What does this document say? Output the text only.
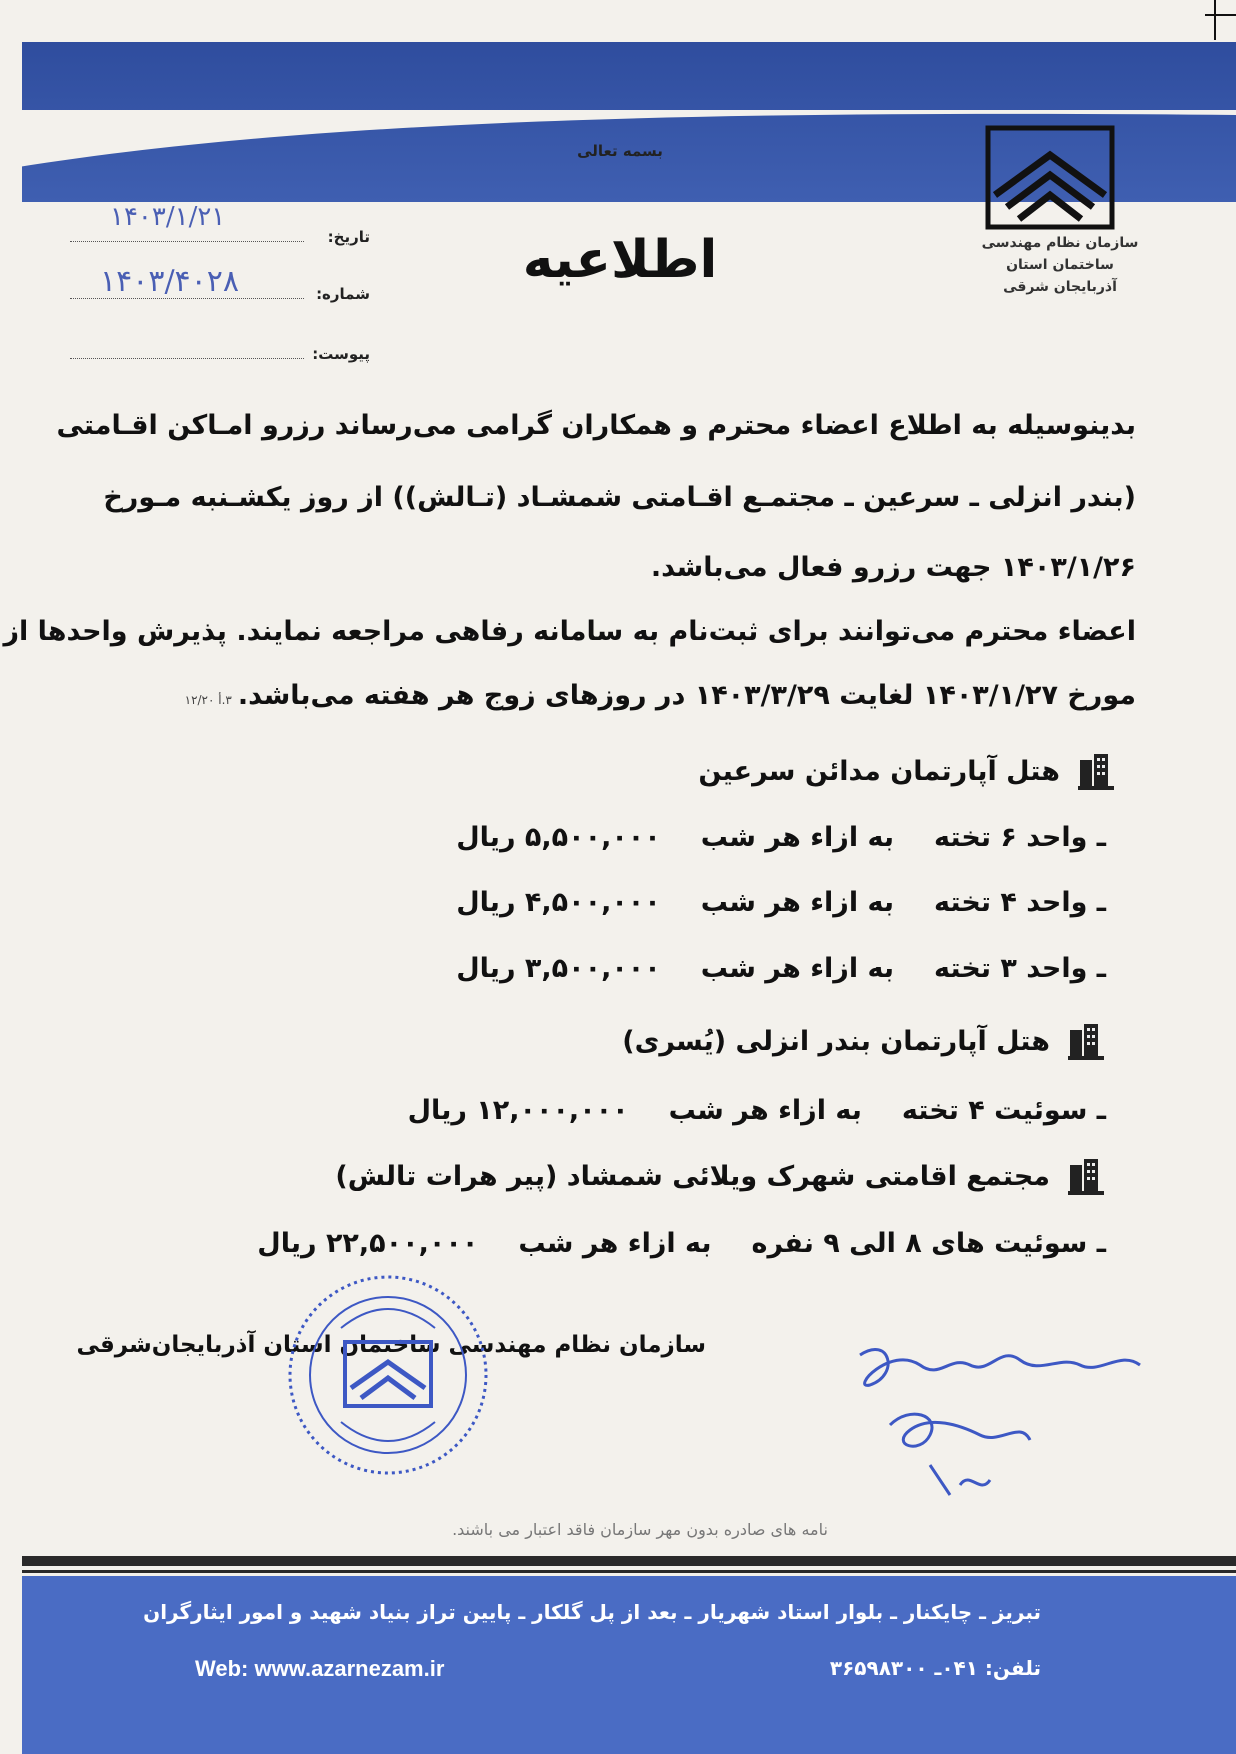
بسمه تعالی
سازمان نظام مهندسی ساختمان استان
آذربایجان شرقی
تاریخ:
۱۴۰۳/۱/۲۱
شماره:
۱۴۰۳/۴۰۲۸
پیوست:
اطلاعیه
بدینوسیله به اطلاع اعضاء محترم و همکاران گرامی می‌رساند رزرو امـاکن اقـامتی
(بندر انزلی ـ سرعین ـ مجتمـع اقـامتی شمشـاد (تـالش)) از روز یکشـنبه مـورخ
۱۴۰۳/۱/۲۶ جهت رزرو فعال می‌باشد.
اعضاء محترم می‌توانند برای ثبت‌نام به سامانه رفاهی مراجعه نمایند. پذیرش واحدها از
مورخ ۱۴۰۳/۱/۲۷ لغایت ۱۴۰۳/۳/۲۹ در روزهای زوج هر هفته می‌باشد.۳.أ ۱۲/۲۰
هتل آپارتمان مدائن سرعین
ـ واحد ۶ تخته
به ازاء هر شب
۵,۵۰۰,۰۰۰ ریال
ـ واحد ۴ تخته
به ازاء هر شب
۴,۵۰۰,۰۰۰ ریال
ـ واحد ۳ تخته
به ازاء هر شب
۳,۵۰۰,۰۰۰ ریال
هتل آپارتمان بندر انزلی (یُسری)
ـ سوئیت ۴ تخته
به ازاء هر شب
۱۲,۰۰۰,۰۰۰ ریال
مجتمع اقامتی شهرک ویلائی شمشاد (پیر هرات تالش)
ـ سوئیت های ۸ الی ۹ نفره
به ازاء هر شب
۲۲,۵۰۰,۰۰۰ ریال
سازمان نظام مهندسی ساختمان استان آذربایجان‌شرقی
نامه های صادره بدون مهر سازمان فاقد اعتبار می باشند.
تبریز ـ چایکنار ـ بلوار استاد شهریار ـ بعد از پل گلکار ـ پایین تراز بنیاد شهید و امور ایثارگران
Web: www.azarnezam.ir	تلفن: ۰۴۱ـ ۳۶۵۹۸۳۰۰
